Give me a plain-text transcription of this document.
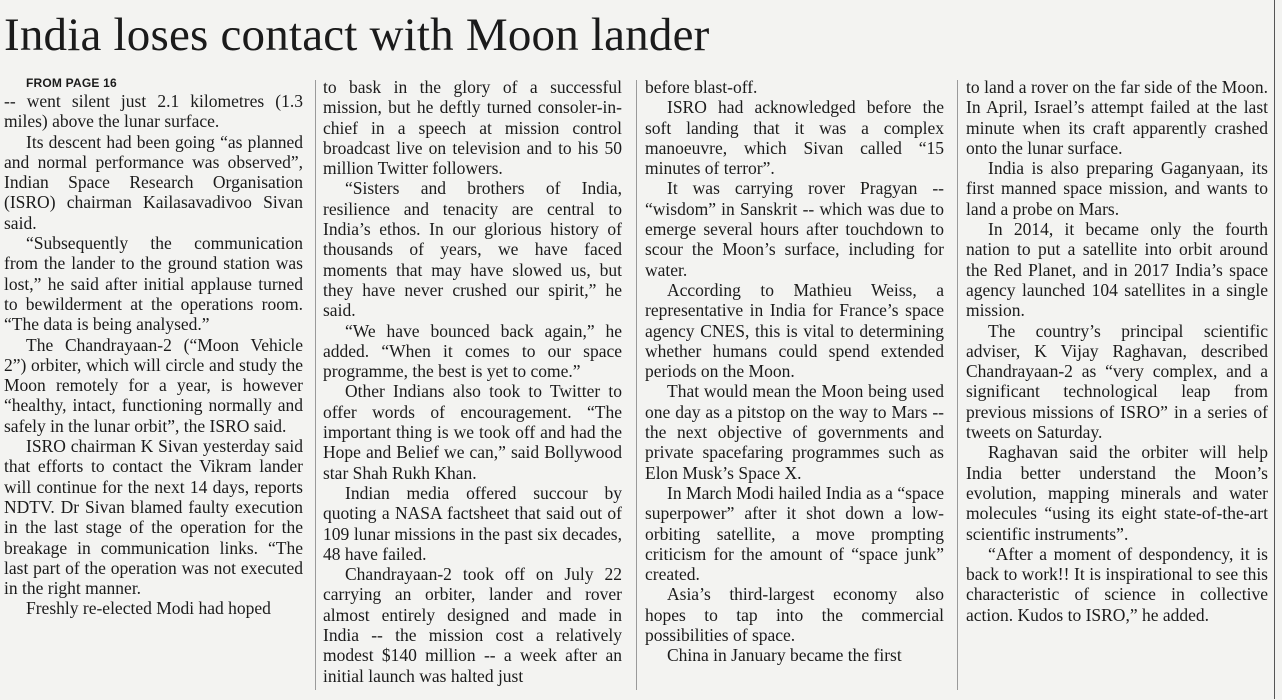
India loses contact with Moon lander

FROM PAGE 16

-- went silent just 2.1 kilometres (1.3 miles) above the lunar surface.

Its descent had been going “as planned and normal performance was observed”, Indian Space Research Organisation (ISRO) chairman Kailasavadivoo Sivan said.

“Subsequently the communication from the lander to the ground station was lost,” he said after initial applause turned to bewilderment at the operations room. “The data is being analysed.”

The Chandrayaan-2 (“Moon Vehicle 2”) orbiter, which will circle and study the Moon remotely for a year, is however “healthy, intact, functioning normally and safely in the lunar orbit”, the ISRO said.

ISRO chairman K Sivan yesterday said that efforts to contact the Vikram lander will continue for the next 14 days, reports NDTV. Dr Sivan blamed faulty execution in the last stage of the operation for the breakage in communication links. “The last part of the operation was not executed in the right manner.

Freshly re-elected Modi had hoped

to bask in the glory of a successful mission, but he deftly turned consoler-in-chief in a speech at mission control broadcast live on television and to his 50 million Twitter followers.

“Sisters and brothers of India, resilience and tenacity are central to India’s ethos. In our glorious history of thousands of years, we have faced moments that may have slowed us, but they have never crushed our spirit,” he said.

“We have bounced back again,” he added. “When it comes to our space programme, the best is yet to come.”

Other Indians also took to Twitter to offer words of encouragement. “The important thing is we took off and had the Hope and Belief we can,” said Bollywood star Shah Rukh Khan.

Indian media offered succour by quoting a NASA factsheet that said out of 109 lunar missions in the past six decades, 48 have failed.

Chandrayaan-2 took off on July 22 carrying an orbiter, lander and rover almost entirely designed and made in India -- the mission cost a relatively modest $140 million -- a week after an initial launch was halted just

before blast-off.

ISRO had acknowledged before the soft landing that it was a complex manoeuvre, which Sivan called “15 minutes of terror”.

It was carrying rover Pragyan -- “wisdom” in Sanskrit -- which was due to emerge several hours after touchdown to scour the Moon’s surface, including for water.

According to Mathieu Weiss, a representative in India for France’s space agency CNES, this is vital to determining whether humans could spend extended periods on the Moon.

That would mean the Moon being used one day as a pitstop on the way to Mars -- the next objective of governments and private spacefaring programmes such as Elon Musk’s Space X.

In March Modi hailed India as a “space superpower” after it shot down a low-orbiting satellite, a move prompting criticism for the amount of “space junk” created.

Asia’s third-largest economy also hopes to tap into the commercial possibilities of space.

China in January became the first

to land a rover on the far side of the Moon. In April, Israel’s attempt failed at the last minute when its craft apparently crashed onto the lunar surface.

India is also preparing Gaganyaan, its first manned space mission, and wants to land a probe on Mars.

In 2014, it became only the fourth nation to put a satellite into orbit around the Red Planet, and in 2017 India’s space agency launched 104 satellites in a single mission.

The country’s principal scientific adviser, K Vijay Raghavan, described Chandrayaan-2 as “very complex, and a significant technological leap from previous missions of ISRO” in a series of tweets on Saturday.

Raghavan said the orbiter will help India better understand the Moon’s evolution, mapping minerals and water molecules “using its eight state-of-the-art scientific instruments”.

“After a moment of despondency, it is back to work!! It is inspirational to see this characteristic of science in collective action. Kudos to ISRO,” he added.
